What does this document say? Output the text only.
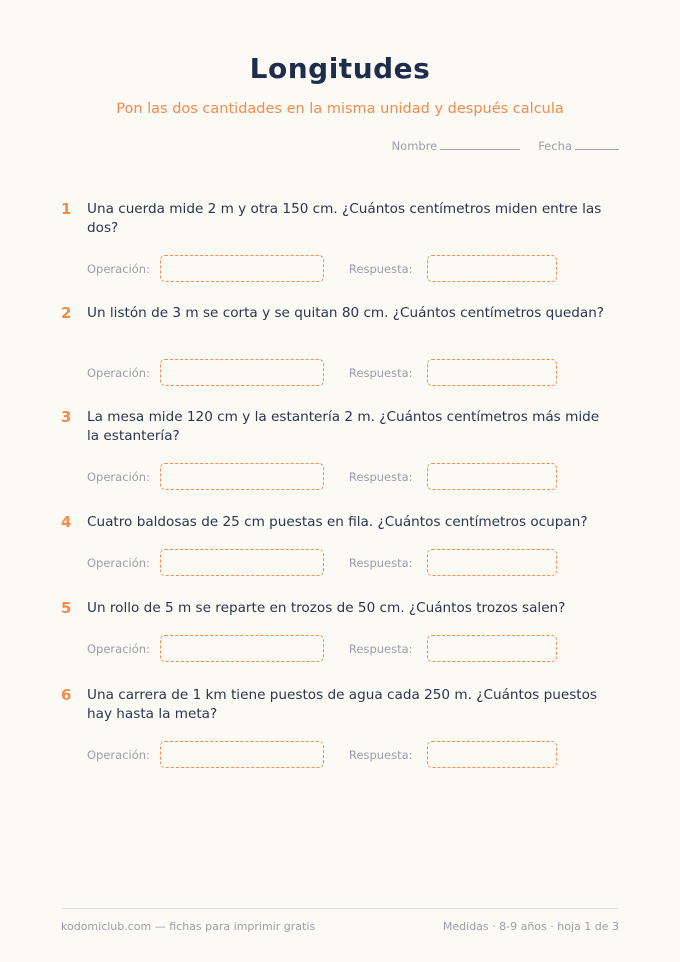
Longitudes
Pon las dos cantidades en la misma unidad y después calcula
Nombre	Fecha
1	Una cuerda mide 2 m y otra 150 cm. ¿Cuántos centímetros miden entre las dos?
Operación:	Respuesta:
2	Un listón de 3 m se corta y se quitan 80 cm. ¿Cuántos centímetros quedan?
Operación:	Respuesta:
3	La mesa mide 120 cm y la estantería 2 m. ¿Cuántos centímetros más mide la estantería?
Operación:	Respuesta:
4	Cuatro baldosas de 25 cm puestas en fila. ¿Cuántos centímetros ocupan?
Operación:	Respuesta:
5	Un rollo de 5 m se reparte en trozos de 50 cm. ¿Cuántos trozos salen?
Operación:	Respuesta:
6	Una carrera de 1 km tiene puestos de agua cada 250 m. ¿Cuántos puestos hay hasta la meta?
Operación:	Respuesta:
kodomiclub.com — fichas para imprimir gratis	Medidas · 8-9 años · hoja 1 de 3
